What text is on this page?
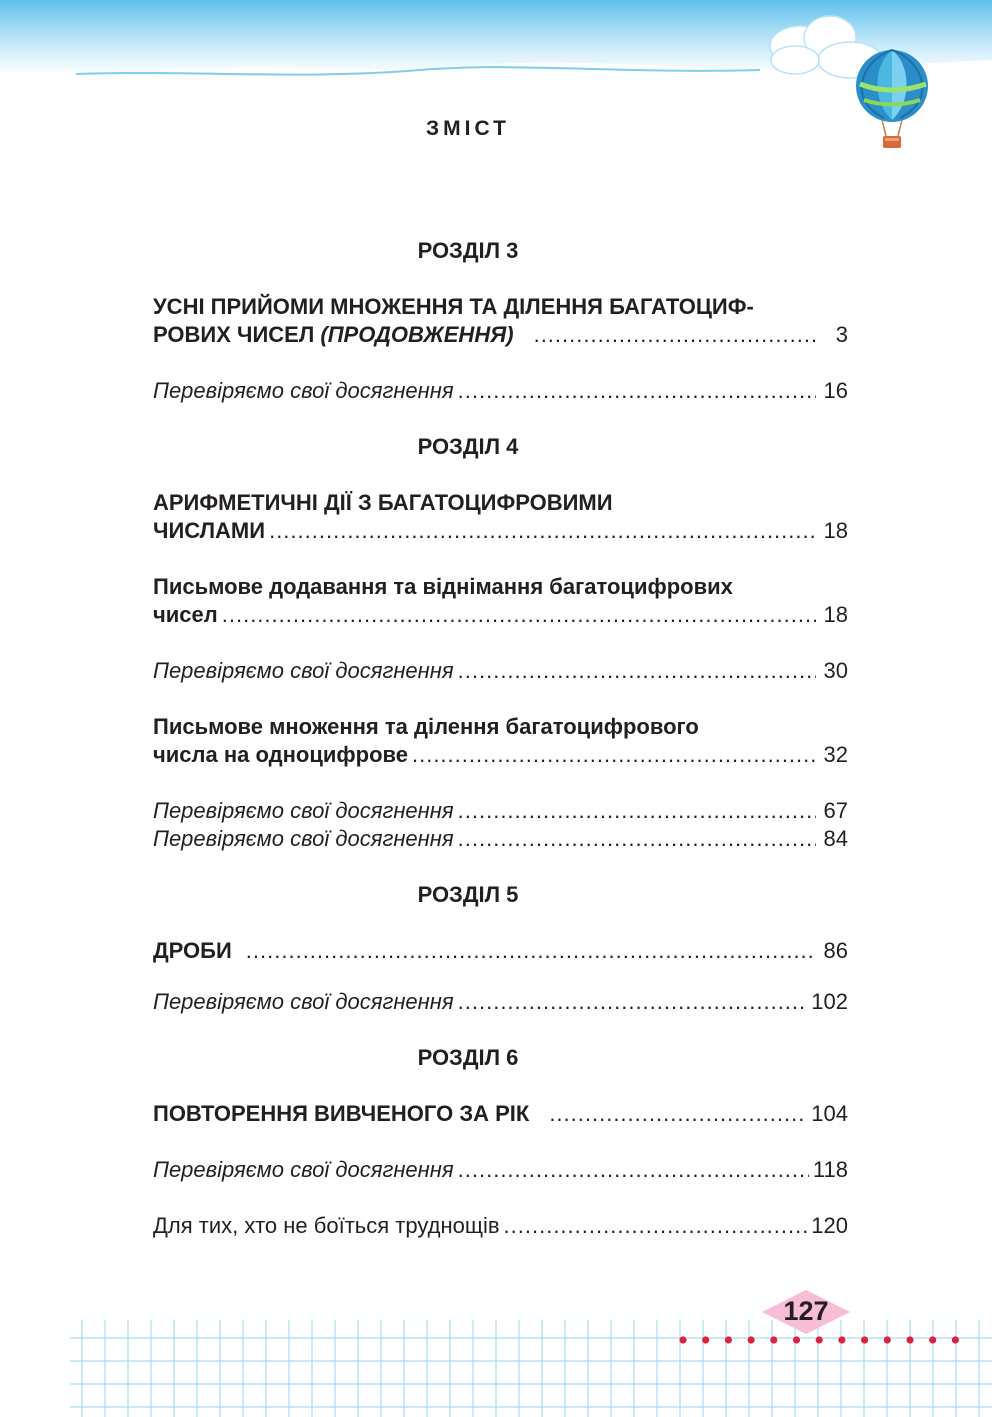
ЗМІСТ
РОЗДІЛ 3
УСНІ ПРИЙОМИ МНОЖЕННЯ ТА ДІЛЕННЯ БАГАТОЦИФ-
РОВИХ ЧИСЕЛ (ПРОДОВЖЕННЯ) .....	3
Перевіряємо свої досягнення .....	16
РОЗДІЛ 4
АРИФМЕТИЧНІ ДІЇ З БАГАТОЦИФРОВИМИ
ЧИСЛАМИ .....	18
Письмове додавання та віднімання багатоцифрових
чисел .....	18
Перевіряємо свої досягнення .....	30
Письмове множення та ділення багатоцифрового
числа на одноцифрове .....	32
Перевіряємо свої досягнення .....	67
Перевіряємо свої досягнення .....	84
РОЗДІЛ 5
ДРОБИ .....	86
Перевіряємо свої досягнення .....	102
РОЗДІЛ 6
ПОВТОРЕННЯ ВИВЧЕНОГО ЗА РІК .....	104
Перевіряємо свої досягнення .....	118
Для тих, хто не боїться труднощів .....	120
127
